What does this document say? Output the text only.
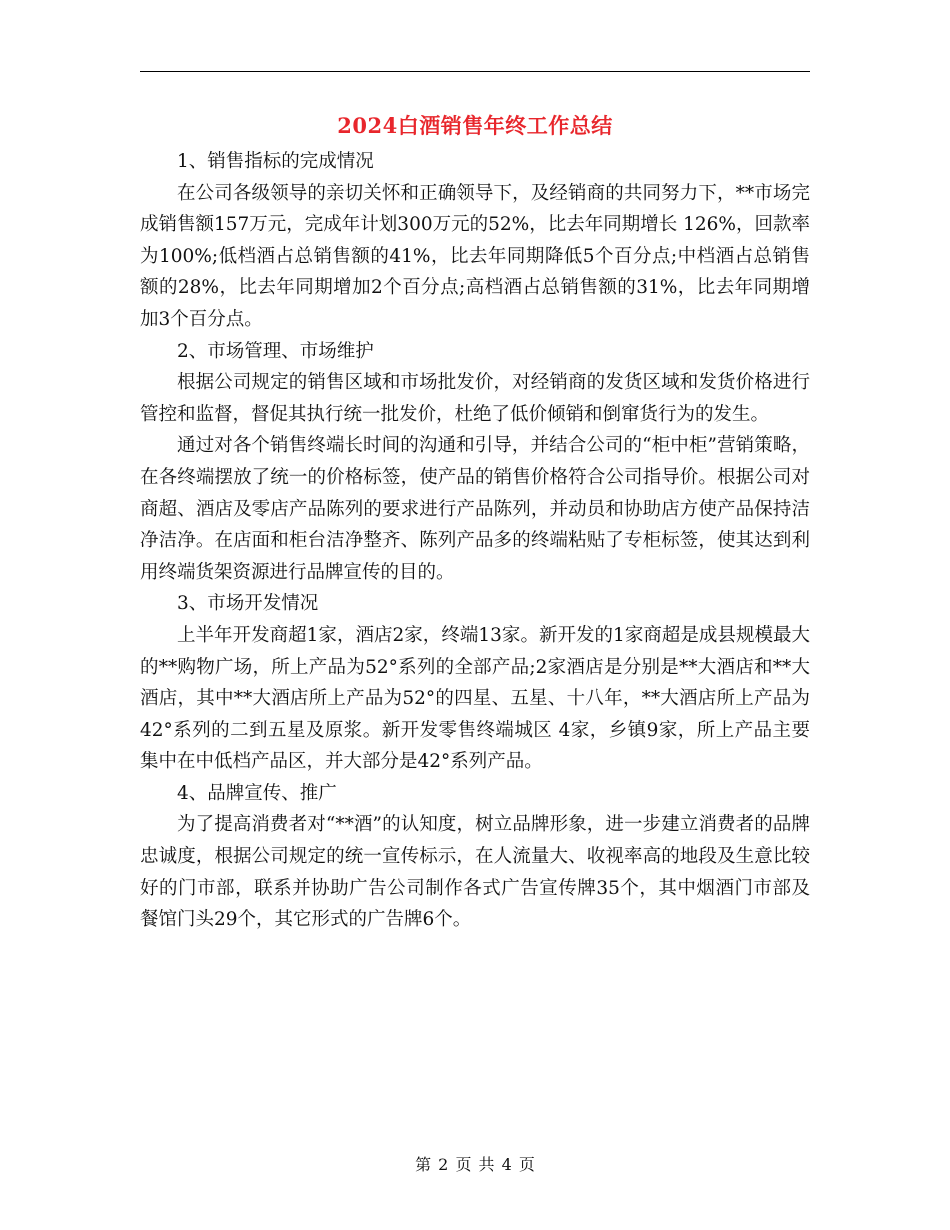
2024白酒销售年终工作总结

1、销售指标的完成情况

在公司各级领导的亲切关怀和正确领导下，及经销商的共同努力下，**市场完成销售额157万元，完成年计划300万元的52%，比去年同期增长 126%，回款率为100%;低档酒占总销售额的41%，比去年同期降低5个百分点;中档酒占总销售额的28%，比去年同期增加2个百分点;高档酒占总销售额的31%，比去年同期增加3个百分点。

2、市场管理、市场维护

根据公司规定的销售区域和市场批发价，对经销商的发货区域和发货价格进行管控和监督，督促其执行统一批发价，杜绝了低价倾销和倒窜货行为的发生。

通过对各个销售终端长时间的沟通和引导，并结合公司的“柜中柜”营销策略，在各终端摆放了统一的价格标签，使产品的销售价格符合公司指导价。根据公司对商超、酒店及零店产品陈列的要求进行产品陈列，并动员和协助店方使产品保持洁净洁净。在店面和柜台洁净整齐、陈列产品多的终端粘贴了专柜标签，使其达到利用终端货架资源进行品牌宣传的目的。

3、市场开发情况

上半年开发商超1家，酒店2家，终端13家。新开发的1家商超是成县规模最大的**购物广场，所上产品为52°系列的全部产品;2家酒店是分别是**大酒店和**大酒店，其中**大酒店所上产品为52°的四星、五星、十八年，**大酒店所上产品为42°系列的二到五星及原浆。新开发零售终端城区 4家，乡镇9家，所上产品主要集中在中低档产品区，并大部分是42°系列产品。

4、品牌宣传、推广

为了提高消费者对“**酒”的认知度，树立品牌形象，进一步建立消费者的品牌忠诚度，根据公司规定的统一宣传标示，在人流量大、收视率高的地段及生意比较好的门市部，联系并协助广告公司制作各式广告宣传牌35个，其中烟酒门市部及餐馆门头29个，其它形式的广告牌6个。

第 2 页 共 4 页
